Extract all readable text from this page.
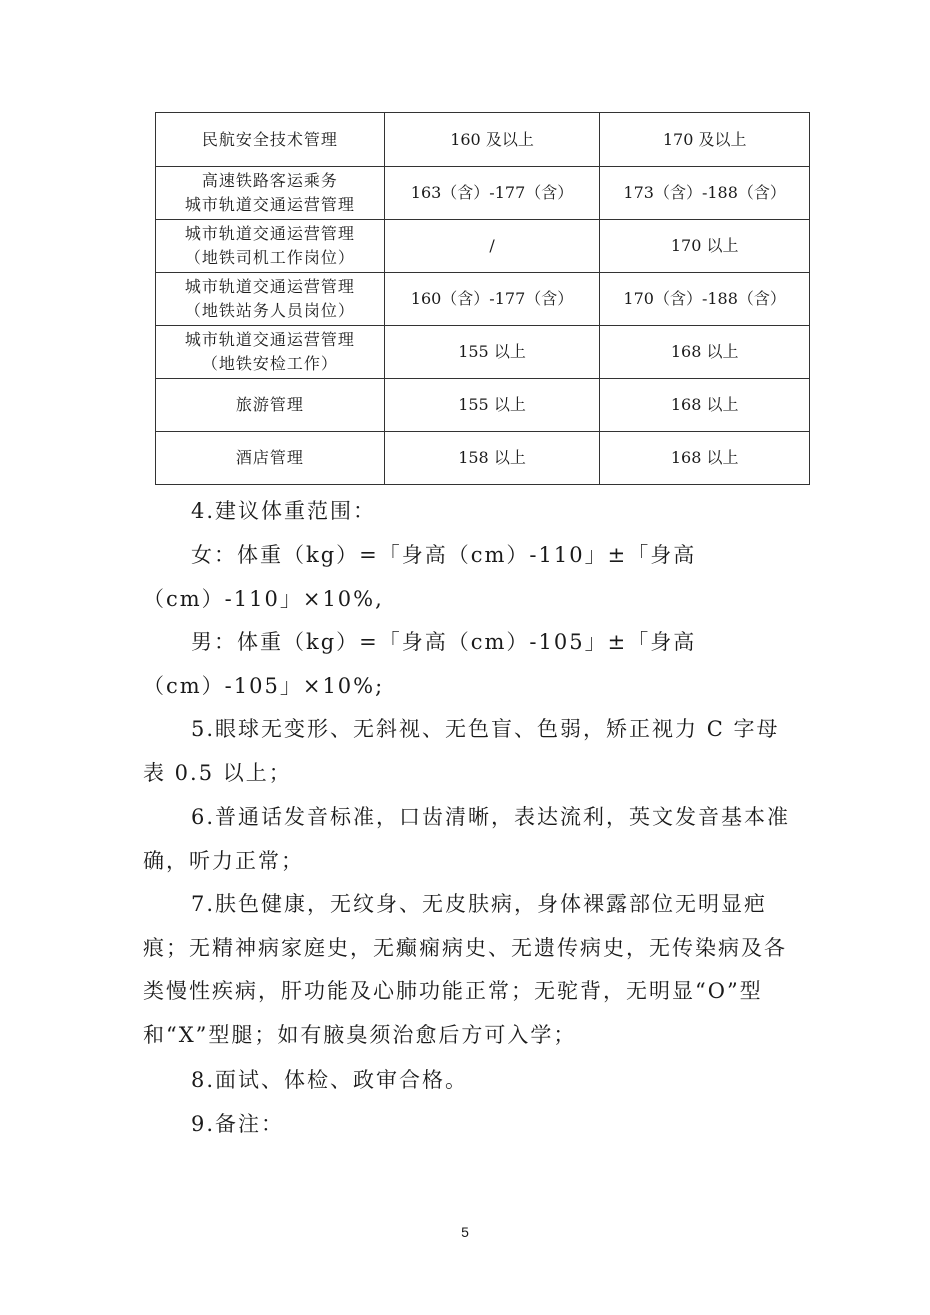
民航安全技术管理	160 及以上	170 及以上

高速铁路客运乘务
城市轨道交通运营管理	163（含）-177（含）	173（含）-188（含）

城市轨道交通运营管理
（地铁司机工作岗位）	/	170 以上

城市轨道交通运营管理
（地铁站务人员岗位）	160（含）-177（含）	170（含）-188（含）

城市轨道交通运营管理
（地铁安检工作）	155 以上	168 以上

旅游管理	155 以上	168 以上

酒店管理	158 以上	168 以上
4.建议体重范围：
女：体重（kg）=「身高（cm）-110」±「身高（cm）-110」×10%,
男：体重（kg）=「身高（cm）-105」±「身高（cm）-105」×10%;
5.眼球无变形、无斜视、无色盲、色弱，矫正视力 C 字母表 0.5 以上；
6.普通话发音标准，口齿清晰，表达流利，英文发音基本准确，听力正常；
7.肤色健康，无纹身、无皮肤病，身体裸露部位无明显疤痕；无精神病家庭史，无癫痫病史、无遗传病史，无传染病及各类慢性疾病，肝功能及心肺功能正常；无驼背，无明显“O”型和“X”型腿；如有腋臭须治愈后方可入学；
8.面试、体检、政审合格。
9.备注：
5
